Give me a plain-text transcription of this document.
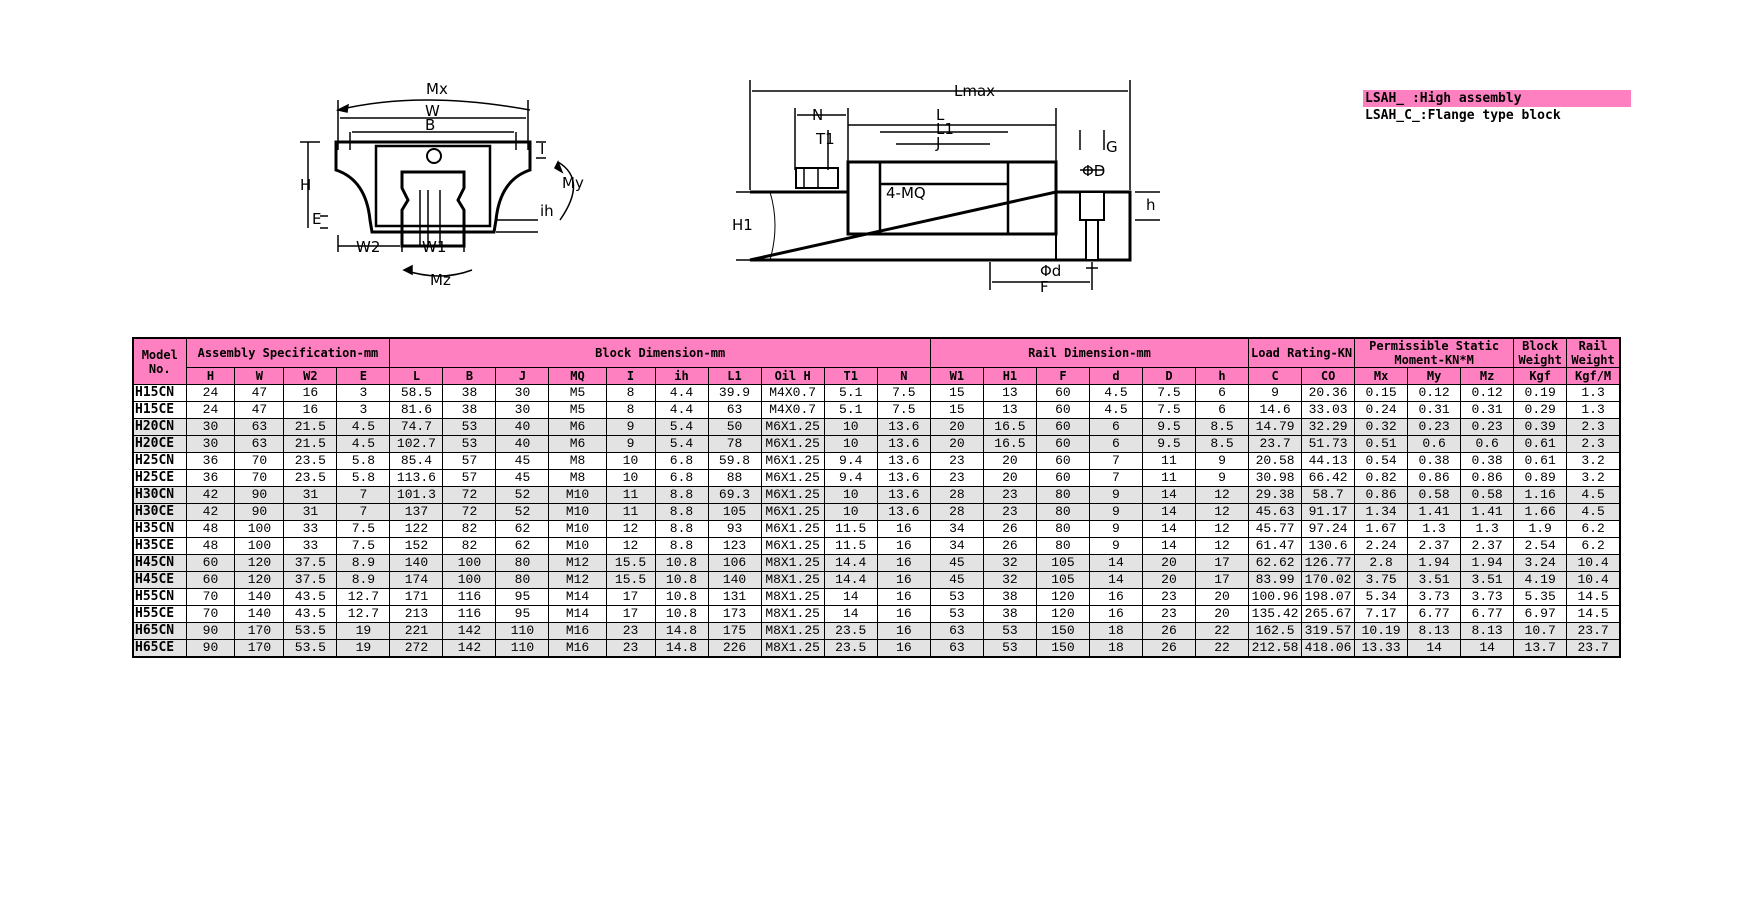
Mx
W
B
H
E
I
My
ih
W2	W1
Mz
Lmax
N	L
L1
J
T1
4-MQ
G
ΦD
h
H1
Φd
F
LSAH_ :High assembly
LSAH_C_:Flange type block
Model No.	Assembly Specification-mm				Block Dimension-mm										Rail Dimension-mm						Load Rating-KN		Permissible Static Moment-KN*M			Block Weight	Rail Weight
	H	W	W2	E	L	B	J	MQ	I	ih	L1	Oil H	T1	N	W1	H1	F	d	D	h	C	CO	Mx	My	Mz	Kgf	Kgf/M
H15CN	24	47	16	3	58.5	38	30	M5	8	4.4	39.9	M4X0.7	5.1	7.5	15	13	60	4.5	7.5	6	9	20.36	0.15	0.12	0.12	0.19	1.3
H15CE	24	47	16	3	81.6	38	30	M5	8	4.4	63	M4X0.7	5.1	7.5	15	13	60	4.5	7.5	6	14.6	33.03	0.24	0.31	0.31	0.29	1.3
H20CN	30	63	21.5	4.5	74.7	53	40	M6	9	5.4	50	M6X1.25	10	13.6	20	16.5	60	6	9.5	8.5	14.79	32.29	0.32	0.23	0.23	0.39	2.3
H20CE	30	63	21.5	4.5	102.7	53	40	M6	9	5.4	78	M6X1.25	10	13.6	20	16.5	60	6	9.5	8.5	23.7	51.73	0.51	0.6	0.6	0.61	2.3
H25CN	36	70	23.5	5.8	85.4	57	45	M8	10	6.8	59.8	M6X1.25	9.4	13.6	23	20	60	7	11	9	20.58	44.13	0.54	0.38	0.38	0.61	3.2
H25CE	36	70	23.5	5.8	113.6	57	45	M8	10	6.8	88	M6X1.25	9.4	13.6	23	20	60	7	11	9	30.98	66.42	0.82	0.86	0.86	0.89	3.2
H30CN	42	90	31	7	101.3	72	52	M10	11	8.8	69.3	M6X1.25	10	13.6	28	23	80	9	14	12	29.38	58.7	0.86	0.58	0.58	1.16	4.5
H30CE	42	90	31	7	137	72	52	M10	11	8.8	105	M6X1.25	10	13.6	28	23	80	9	14	12	45.63	91.17	1.34	1.41	1.41	1.66	4.5
H35CN	48	100	33	7.5	122	82	62	M10	12	8.8	93	M6X1.25	11.5	16	34	26	80	9	14	12	45.77	97.24	1.67	1.3	1.3	1.9	6.2
H35CE	48	100	33	7.5	152	82	62	M10	12	8.8	123	M6X1.25	11.5	16	34	26	80	9	14	12	61.47	130.6	2.24	2.37	2.37	2.54	6.2
H45CN	60	120	37.5	8.9	140	100	80	M12	15.5	10.8	106	M8X1.25	14.4	16	45	32	105	14	20	17	62.62	126.77	2.8	1.94	1.94	3.24	10.4
H45CE	60	120	37.5	8.9	174	100	80	M12	15.5	10.8	140	M8X1.25	14.4	16	45	32	105	14	20	17	83.99	170.02	3.75	3.51	3.51	4.19	10.4
H55CN	70	140	43.5	12.7	171	116	95	M14	17	10.8	131	M8X1.25	14	16	53	38	120	16	23	20	100.96	198.07	5.34	3.73	3.73	5.35	14.5
H55CE	70	140	43.5	12.7	213	116	95	M14	17	10.8	173	M8X1.25	14	16	53	38	120	16	23	20	135.42	265.67	7.17	6.77	6.77	6.97	14.5
H65CN	90	170	53.5	19	221	142	110	M16	23	14.8	175	M8X1.25	23.5	16	63	53	150	18	26	22	162.5	319.57	10.19	8.13	8.13	10.7	23.7
H65CE	90	170	53.5	19	272	142	110	M16	23	14.8	226	M8X1.25	23.5	16	63	53	150	18	26	22	212.58	418.06	13.33	14	14	13.7	23.7
